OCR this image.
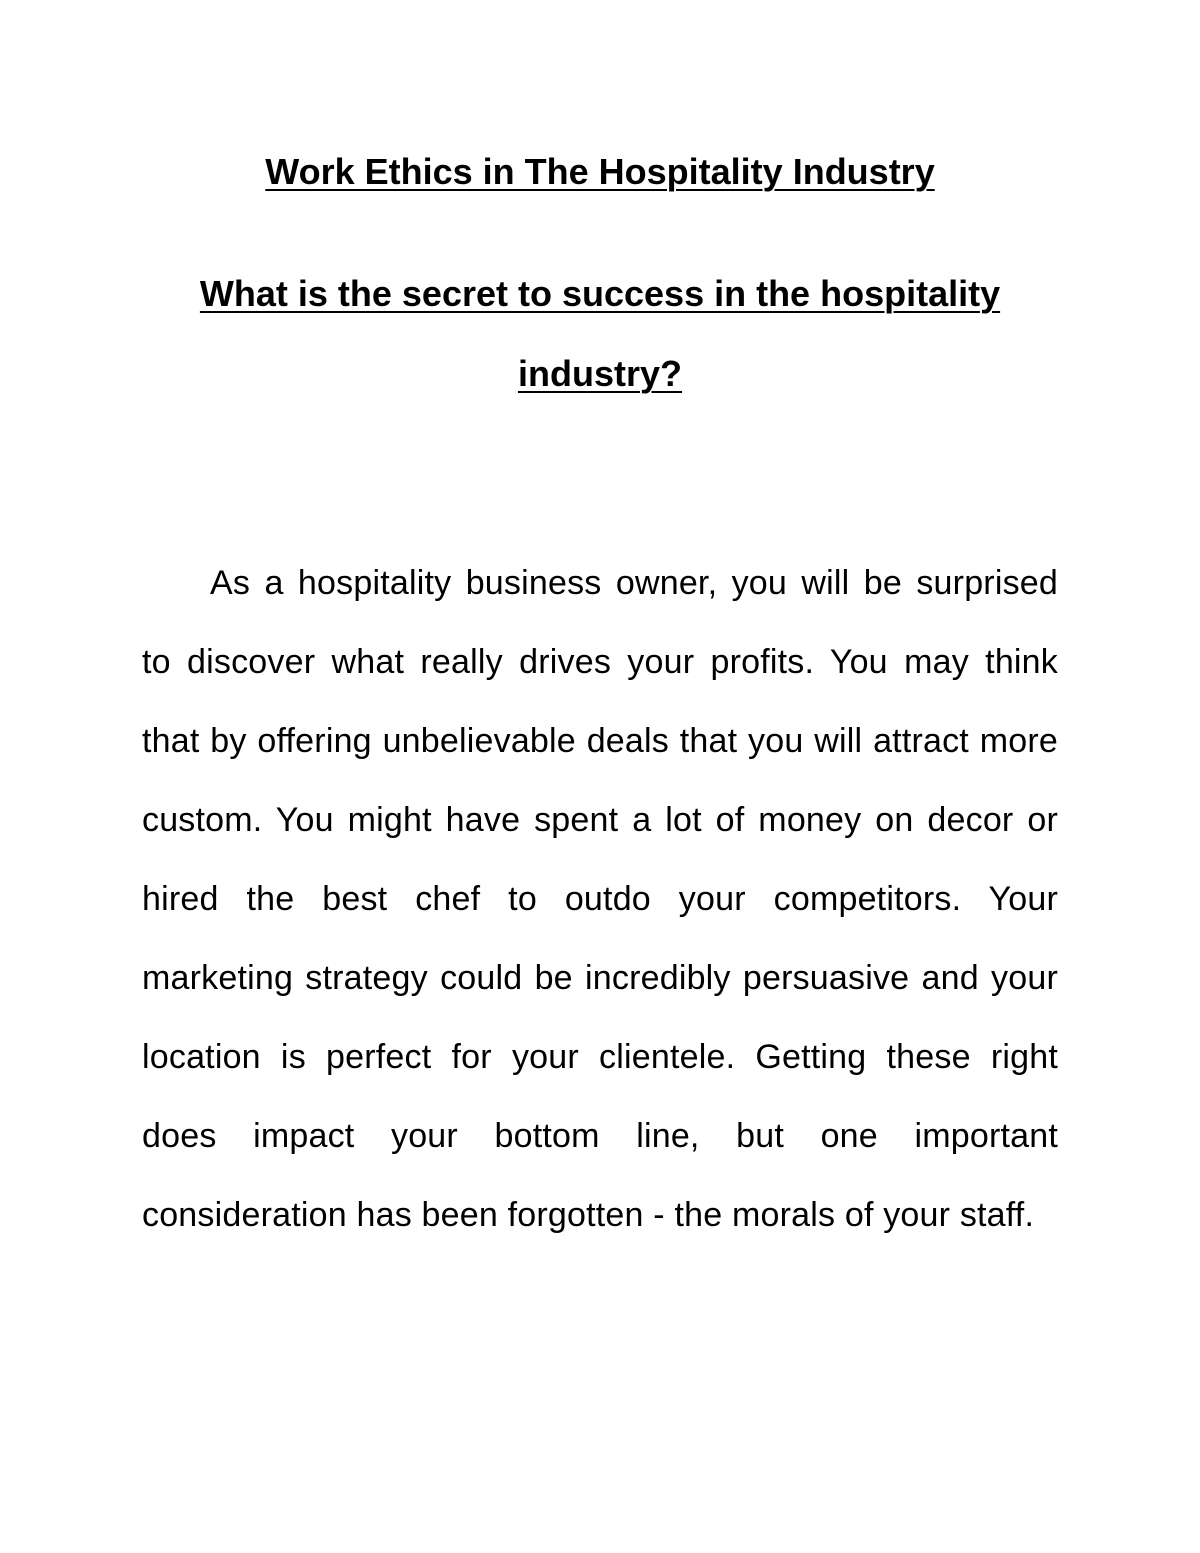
Work Ethics in The Hospitality Industry
What is the secret to success in the hospitality industry?

As a hospitality business owner, you will be surprised to discover what really drives your profits. You may think that by offering unbelievable deals that you will attract more custom. You might have spent a lot of money on decor or hired the best chef to outdo your competitors. Your marketing strategy could be incredibly persuasive and your location is perfect for your clientele. Getting these right does impact your bottom line, but one important consideration has been forgotten - the morals of your staff.
